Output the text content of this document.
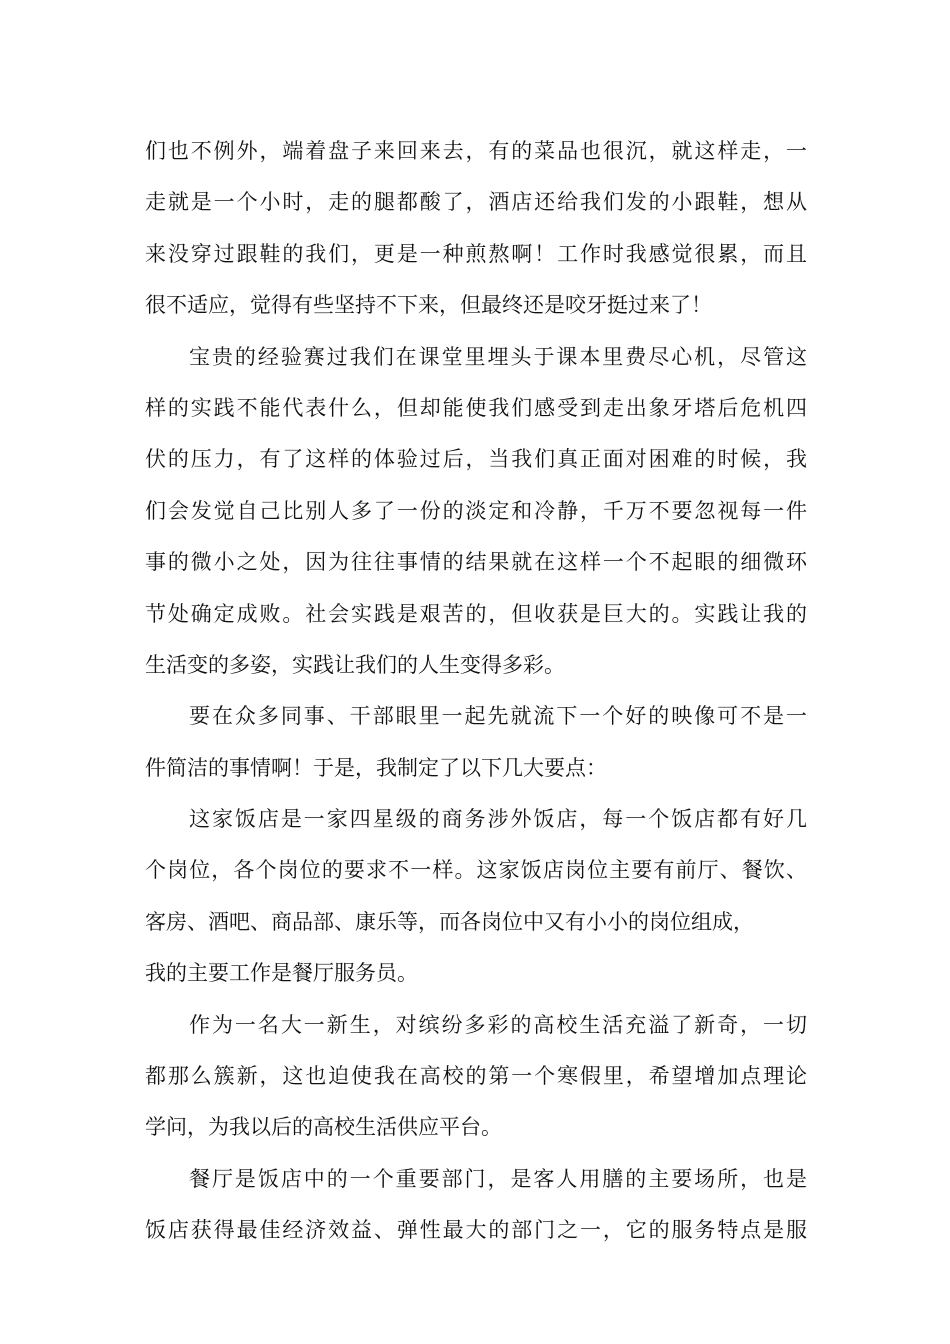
们也不例外，端着盘子来回来去，有的菜品也很沉，就这样走，一
走就是一个小时，走的腿都酸了，酒店还给我们发的小跟鞋，想从
来没穿过跟鞋的我们，更是一种煎熬啊！工作时我感觉很累，而且
很不适应，觉得有些坚持不下来，但最终还是咬牙挺过来了！
宝贵的经验赛过我们在课堂里埋头于课本里费尽心机，尽管这
样的实践不能代表什么，但却能使我们感受到走出象牙塔后危机四
伏的压力，有了这样的体验过后，当我们真正面对困难的时候，我
们会发觉自己比别人多了一份的淡定和冷静，千万不要忽视每一件
事的微小之处，因为往往事情的结果就在这样一个不起眼的细微环
节处确定成败。社会实践是艰苦的，但收获是巨大的。实践让我的
生活变的多姿，实践让我们的人生变得多彩。
要在众多同事、干部眼里一起先就流下一个好的映像可不是一
件简洁的事情啊！于是，我制定了以下几大要点：
这家饭店是一家四星级的商务涉外饭店，每一个饭店都有好几
个岗位，各个岗位的要求不一样。这家饭店岗位主要有前厅、餐饮、
客房、酒吧、商品部、康乐等，而各岗位中又有小小的岗位组成，
我的主要工作是餐厅服务员。
作为一名大一新生，对缤纷多彩的高校生活充溢了新奇，一切
都那么簇新，这也迫使我在高校的第一个寒假里，希望增加点理论
学问，为我以后的高校生活供应平台。
餐厅是饭店中的一个重要部门，是客人用膳的主要场所，也是
饭店获得最佳经济效益、弹性最大的部门之一，它的服务特点是服
